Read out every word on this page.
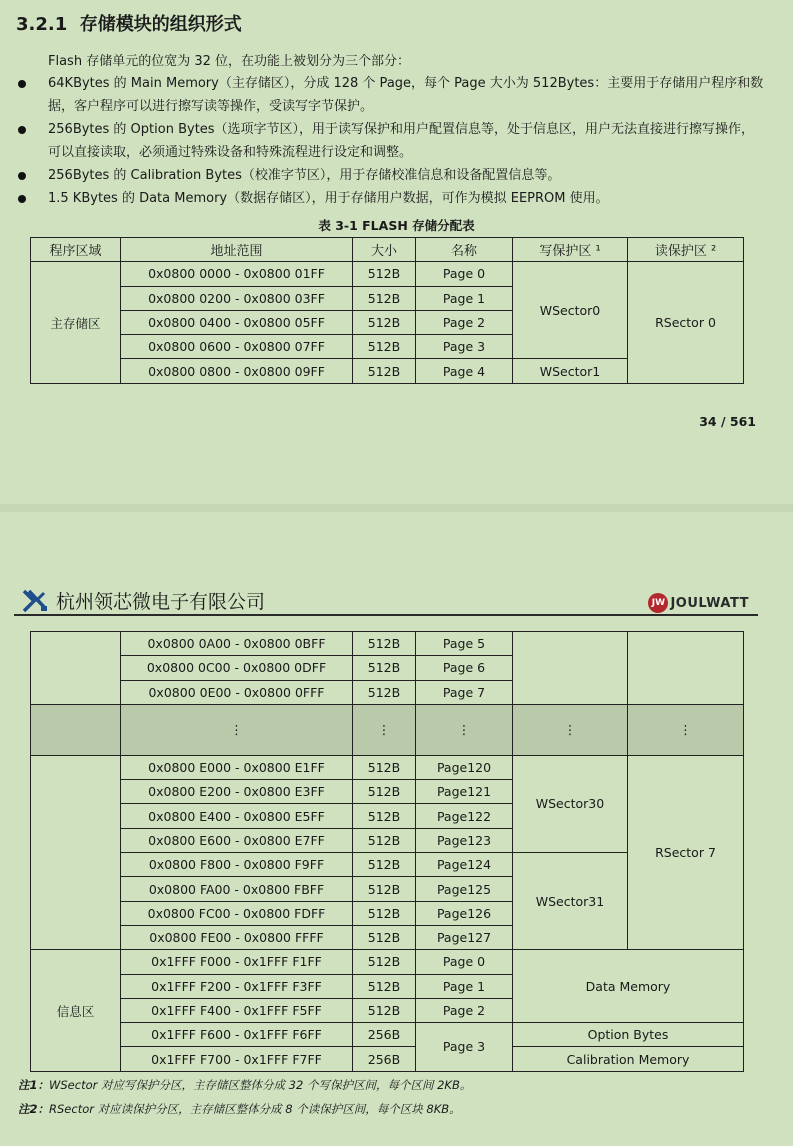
3.2.1 存储模块的组织形式
Flash 存储单元的位宽为 32 位，在功能上被划分为三个部分：
64KBytes 的 Main Memory（主存储区），分成 128 个 Page，每个 Page 大小为 512Bytes：主要用于存储用户程序和数据，客户程序可以进行擦写读等操作，受读写字节保护。
256Bytes 的 Option Bytes（选项字节区），用于读写保护和用户配置信息等，处于信息区，用户无法直接进行擦写操作，可以直接读取，必须通过特殊设备和特殊流程进行设定和调整。
256Bytes 的 Calibration Bytes（校准字节区），用于存储校准信息和设备配置信息等。
1.5 KBytes 的 Data Memory（数据存储区），用于存储用户数据，可作为模拟 EEPROM 使用。
表 3-1 FLASH 存储分配表
程序区域	地址范围	大小	名称	写保护区 ¹	读保护区 ²
主存储区	0x0800 0000 - 0x0800 01FF	512B	Page 0	WSector0	RSector 0
	0x0800 0200 - 0x0800 03FF	512B	Page 1		
	0x0800 0400 - 0x0800 05FF	512B	Page 2		
	0x0800 0600 - 0x0800 07FF	512B	Page 3		
	0x0800 0800 - 0x0800 09FF	512B	Page 4	WSector1	
34 / 561
杭州领芯微电子有限公司	JW JOULWATT
	0x0800 0A00 - 0x0800 0BFF	512B	Page 5		
	0x0800 0C00 - 0x0800 0DFF	512B	Page 6		
	0x0800 0E00 - 0x0800 0FFF	512B	Page 7		
	⋮	⋮	⋮	⋮	⋮
	0x0800 E000 - 0x0800 E1FF	512B	Page120	WSector30	RSector 7
	0x0800 E200 - 0x0800 E3FF	512B	Page121		
	0x0800 E400 - 0x0800 E5FF	512B	Page122		
	0x0800 E600 - 0x0800 E7FF	512B	Page123		
	0x0800 F800 - 0x0800 F9FF	512B	Page124	WSector31	
	0x0800 FA00 - 0x0800 FBFF	512B	Page125		
	0x0800 FC00 - 0x0800 FDFF	512B	Page126		
	0x0800 FE00 - 0x0800 FFFF	512B	Page127		
信息区	0x1FFF F000 - 0x1FFF F1FF	512B	Page 0	Data Memory	
	0x1FFF F200 - 0x1FFF F3FF	512B	Page 1		
	0x1FFF F400 - 0x1FFF F5FF	512B	Page 2		
	0x1FFF F600 - 0x1FFF F6FF	256B	Page 3	Option Bytes	
	0x1FFF F700 - 0x1FFF F7FF	256B		Calibration Memory	
注1：WSector 对应写保护分区，主存储区整体分成 32 个写保护区间，每个区间 2KB。
注2：RSector 对应读保护分区，主存储区整体分成 8 个读保护区间，每个区块 8KB。
